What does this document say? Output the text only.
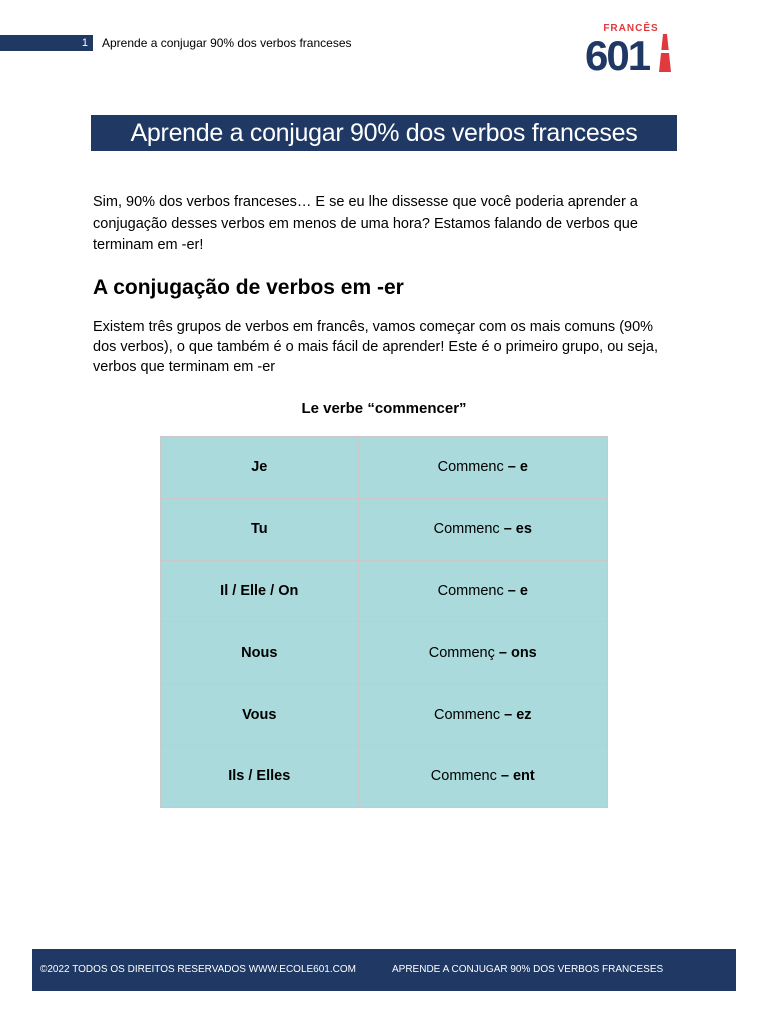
1 Aprende a conjugar 90% dos verbos franceses
FRANCÊS
601
Aprende a conjugar 90% dos verbos franceses

Sim, 90% dos verbos franceses… E se eu lhe dissesse que você poderia aprender a conjugação desses verbos em menos de uma hora? Estamos falando de verbos que terminam em -er!

A conjugação de verbos em -er

Existem três grupos de verbos em francês, vamos começar com os mais comuns (90% dos verbos), o que também é o mais fácil de aprender! Este é o primeiro grupo, ou seja, verbos que terminam em -er

Le verbe “commencer”
Je	Commenc – e
Tu	Commenc – es
Il / Elle / On	Commenc – e
Nous	Commenç – ons
Vous	Commenc – ez
Ils / Elles	Commenc – ent
©2022 TODOS OS DIREITOS RESERVADOS WWW.ECOLE601.COM	APRENDE A CONJUGAR 90% DOS VERBOS FRANCESES
